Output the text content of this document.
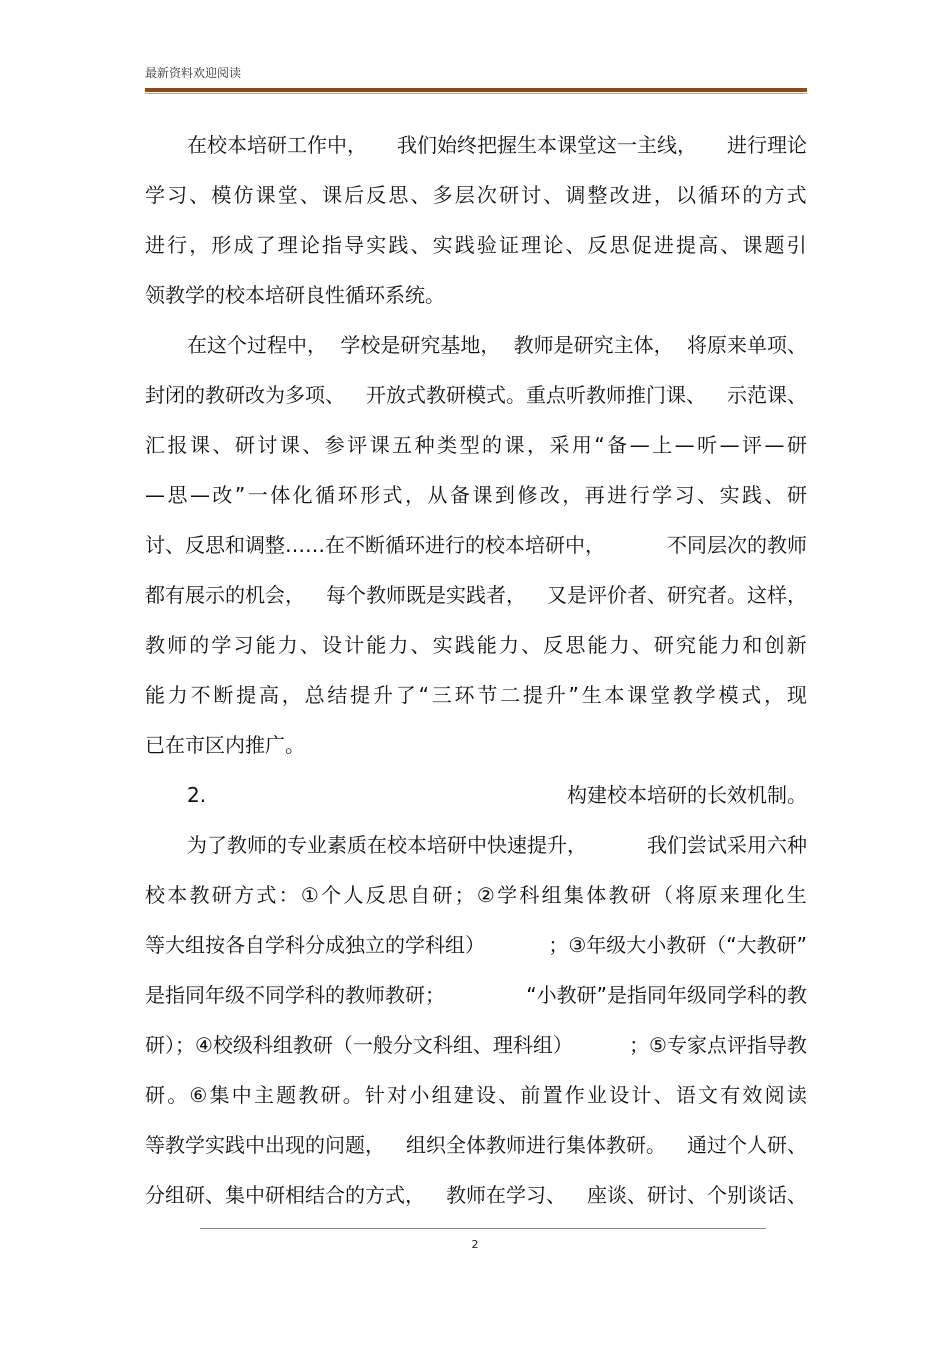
最新资料欢迎阅读
在校本培研工作中， 我们始终把握生本课堂这一主线， 进行理论
学 习 、 模 仿 课 堂 、 课 后 反 思 、 多 层 次 研 讨 、 调 整 改 进 ， 以 循 环 的 方 式
进 行 ， 形 成 了 理 论 指 导 实 践 、 实 践 验 证 理 论 、 反 思 促 进 提 高 、 课 题 引
领教学的校本培研良性循环系统。
在这个过程中， 学校是研究基地， 教师是研究主体， 将原来单项、
封闭的教研改为多项、 开放式教研模式。重点听教师推门课、 示范课、
汇 报 课 、 研 讨 课 、 参 评 课 五 种 类 型 的 课 ， 采 用 “ 备 — 上 — 听 — 评 — 研
— 思 — 改 ” 一 体 化 循 环 形 式 ， 从 备 课 到 修 改 ， 再 进 行 学 习 、 实 践 、 研
讨、反思和调整……在不断循环进行的校本培研中，	不同层次的教师
都有展示的机会， 每个教师既是实践者， 又是评价者、研究者。这样，
教 师 的 学 习 能 力 、 设 计 能 力 、 实 践 能 力 、 反 思 能 力 、 研 究 能 力 和 创 新
能 力 不 断 提 高 ， 总 结 提 升 了 “ 三 环 节 二 提 升 ” 生 本 课 堂 教 学 模 式 ， 现
已在市区内推广。
2.	构建校本培研的长效机制。
为了教师的专业素质在校本培研中快速提升，	我们尝试采用六种
校 本 教 研 方 式 ： ① 个 人 反 思 自 研 ； ② 学 科 组 集 体 教 研 （ 将 原 来 理 化 生
等大组按各自学科分成独立的学科组）	；③年级大小教研（“大教研”
是指同年级不同学科的教师教研；	“小教研”是指同年级同学科的教
研）；④校级科组教研（一般分文科组、理科组）	；⑤专家点评指导教
研 。 ⑥ 集 中 主 题 教 研 。 针 对 小 组 建 设 、 前 置 作 业 设 计 、 语 文 有 效 阅 读
等教学实践中出现的问题， 组织全体教师进行集体教研。 通过个人研、
分组研、集中研相结合的方式， 教师在学习、 座谈、研讨、个别谈话、
2
